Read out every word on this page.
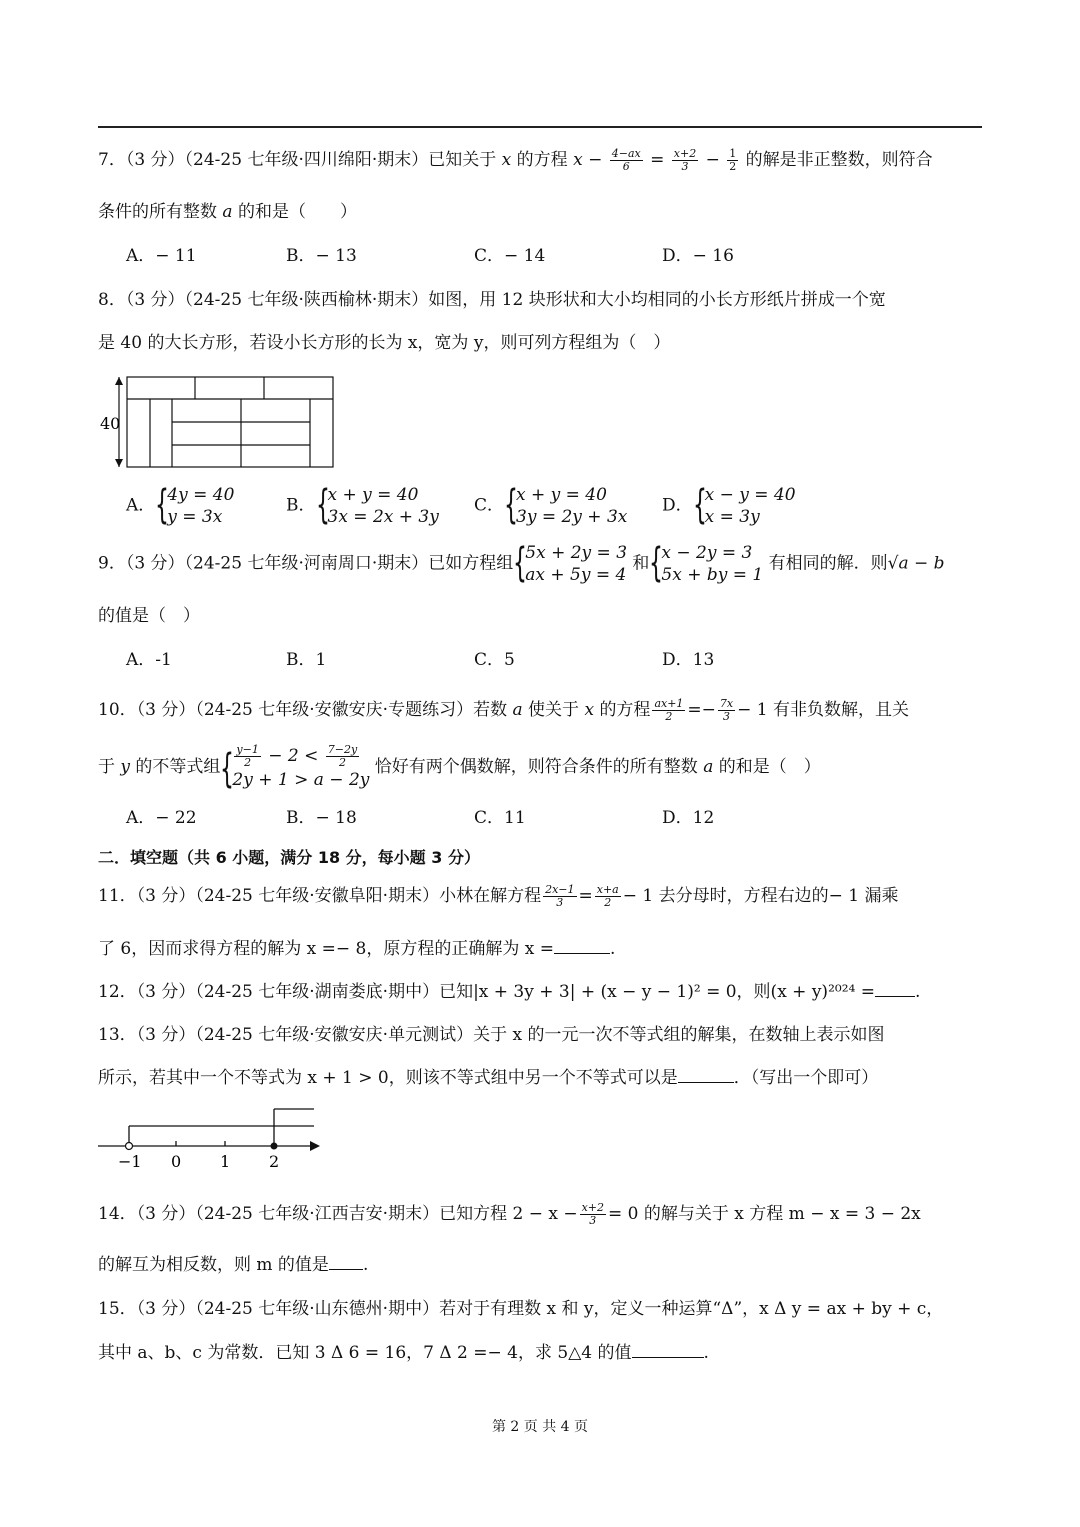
7．（3 分）（24-25 七年级·四川绵阳·期末）已知关于 x 的方程 $x - \frac{4-ax}{6} = \frac{x+2}{3} - \frac{1}{2}$ 的解是非正整数，则符合
条件的所有整数 a 的和是（　　）
A．− 11	B．− 13	C．− 14	D．− 16
8．（3 分）（24-25 七年级·陕西榆林·期末）如图，用 12 块形状和大小均相同的小长方形纸片拼成一个宽
是 40 的大长方形，若设小长方形的长为 x，宽为 y，则可列方程组为（　）
40
A． {
4y = 40
y = 3x
B． {
x + y = 40
3x = 2x + 3y
C． {
x + y = 40
3y = 2y + 3x
D． {
x − y = 40
x = 3y
9．（3 分）（24-25 七年级·河南周口·期末）已如方程组 {
5x + 2y = 3
ax + 5y = 4
和 {
x − 2y = 3
5x + by = 1
有相同的解．则√a − b
的值是（　）
A．-1	B．1	C．5	D．13
10．（3 分）（24-25 七年级·安徽安庆·专题练习）若数 a 使关于 x 的方程 $\frac{ax+1}{2} =- \frac{7x}{3} - 1$ 有非负数解，且关
于 y 的不等式组 { $\frac{y-1}{2} - 2 < \frac{7-2y}{2}$
2y + 1 > a − 2y
恰好有两个偶数解，则符合条件的所有整数 a 的和是（　）
A．− 22	B．− 18	C．11	D．12
二．填空题（共 6 小题，满分 18 分，每小题 3 分）
11．（3 分）（24-25 七年级·安徽阜阳·期末）小林在解方程 $\frac{2x-1}{3} = \frac{x+a}{2} - 1$ 去分母时，方程右边的− 1 漏乘
了 6，因而求得方程的解为 x =− 8，原方程的正确解为 x =	.
12．（3 分）（24-25 七年级·湖南娄底·期中）已知|x + 3y + 3| + (x − y − 1)² = 0，则(x + y)²⁰²⁴ = .
13．（3 分）（24-25 七年级·安徽安庆·单元测试）关于 x 的一元一次不等式组的解集，在数轴上表示如图
所示，若其中一个不等式为 x + 1 > 0，则该不等式组中另一个不等式可以是	．（写出一个即可）
−1 0 1 2
14．（3 分）（24-25 七年级·江西吉安·期末）已知方程 $2 - x - \frac{x+2}{3} = 0$ 的解与关于 x 方程 m − x = 3 − 2x
的解互为相反数，则 m 的值是 .
15．（3 分）（24-25 七年级·山东德州·期中）若对于有理数 x 和 y，定义一种运算“Δ”，x Δ y = ax + by + c，
其中 a、b、c 为常数．已知 3 Δ 6 = 16，7 Δ 2 =− 4，求 5△4 的值	.
第 2 页 共 4 页
